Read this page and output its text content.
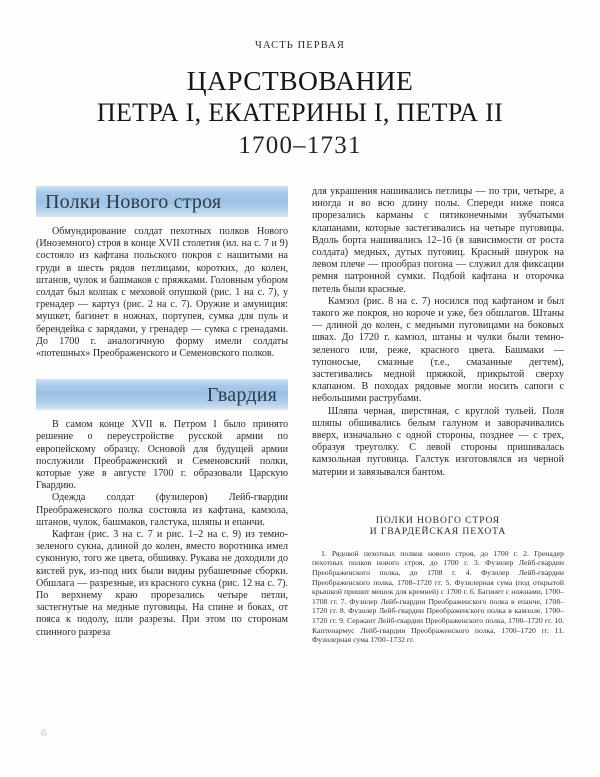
ЧАСТЬ ПЕРВАЯ
ЦАРСТВОВАНИЕ
ПЕТРА I, ЕКАТЕРИНЫ I, ПЕТРА II
1700–1731
Полки Нового строя

Обмундирование солдат пехотных полков Нового (Иноземного) строя в конце XVII столетия (ил. на с. 7 и 9) состояло из кафтана польского покроя с нашитыми на груди в шесть рядов петлицами, коротких, до колен, штанов, чулок и башмаков с пряжками. Головным убором солдат был колпак с меховой опушкой (рис. 1 на с. 7), у гренадер — картуз (рис. 2 на с. 7). Оружие и амуниция: мушкет, багинет в ножнах, портупея, сумка для пуль и берендейка с зарядами, у гренадер — сумка с гренадами. До 1700 г. аналогичную форму имели солдаты «потешных» Преображенского и Семеновского полков.

Гвардия

В самом конце XVII в. Петром I было принято решение о переустройстве русской армии по европейскому образцу. Основой для будущей армии послужили Преображенский и Семеновский полки, которые уже в августе 1700 г. образовали Царскую Гвардию.

Одежда солдат (фузилеров) Лейб-гвардии Преображенского полка состояла из кафтана, камзола, штанов, чулок, башмаков, галстука, шляпы и епанчи.

Кафтан (рис. 3 на с. 7 и рис. 1–2 на с. 9) из темно-зеленого сукна, длиной до колен, вместо воротника имел суконную, того же цвета, обшивку. Рукава не доходили до кистей рук, из-под них были видны рубашечные сборки. Обшлага — разрезные, из красного сукна (рис. 12 на с. 7). По верхнему краю прорезались четыре петли, застегнутые на медные пуговицы. На спине и боках, от пояса к подолу, шли разрезы. При этом по сторонам спинного разреза

для украшения нашивались петлицы — по три, четыре, а иногда и во всю длину полы. Спереди ниже пояса прорезались карманы с пятиконечными зубчатыми клапанами, которые застегивались на четыре пуговицы. Вдоль борта нашивались 12–16 (в зависимости от роста солдата) медных, дутых пуговиц. Красный шнурок на левом плече — прообраз погона — служил для фиксации ремня патронной сумки. Подбой кафтана и оторочка петель были красные.

Камзол (рис. 8 на с. 7) носился под кафтаном и был такого же покроя, но короче и уже, без обшлагов. Штаны — длиной до колен, с медными пуговицами на боковых швах. До 1720 г. камзол, штаны и чулки были темно-зеленого или, реже, красного цвета. Башмаки — тупоносые, смазные (т.е., смазанные дегтем), застегивались медной пряжкой, прикрытой сверху клапаном. В походах рядовые могли носить сапоги с небольшими раструбами.

Шляпа черная, шерстяная, с круглой тульей. Поля шляпы обшивались белым галуном и заворачивались вверх, изначально с одной стороны, позднее — с трех, образуя треуголку. С левой стороны пришивалась камзольная пуговица. Галстук изготовлялся из черной материи и завязывался бантом.

ПОЛКИ НОВОГО СТРОЯ
И ГВАРДЕЙСКАЯ ПЕХОТА

1. Рядовой пехотных полков нового строя, до 1700 г. 2. Гренадер пехотных полков нового строя, до 1700 г. 3. Фузилер Лейб-гвардии Преображенского полка, до 1708 г. 4. Фузилер Лейб-гвардии Преображенского полка, 1708–1720 гг. 5. Фузилерная сума (под открытой крышкой пришит мешок для кремней) с 1700 г. 6. Багинет с ножнами, 1700–1708 гг. 7. Фузилер Лейб-гвардии Преображенского полка в епанче, 1708–1720 гг. 8. Фузилер Лейб-гвардии Преображенского полка в камзоле, 1700–1720 гг. 9. Сержант Лейб-гвардии Преображенского полка, 1700–1720 гг. 10. Каптенармус Лейб-гвардии Преображенского полка, 1700–1720 гг. 11. Фузилерная сума 1700–1732 гг.

6
